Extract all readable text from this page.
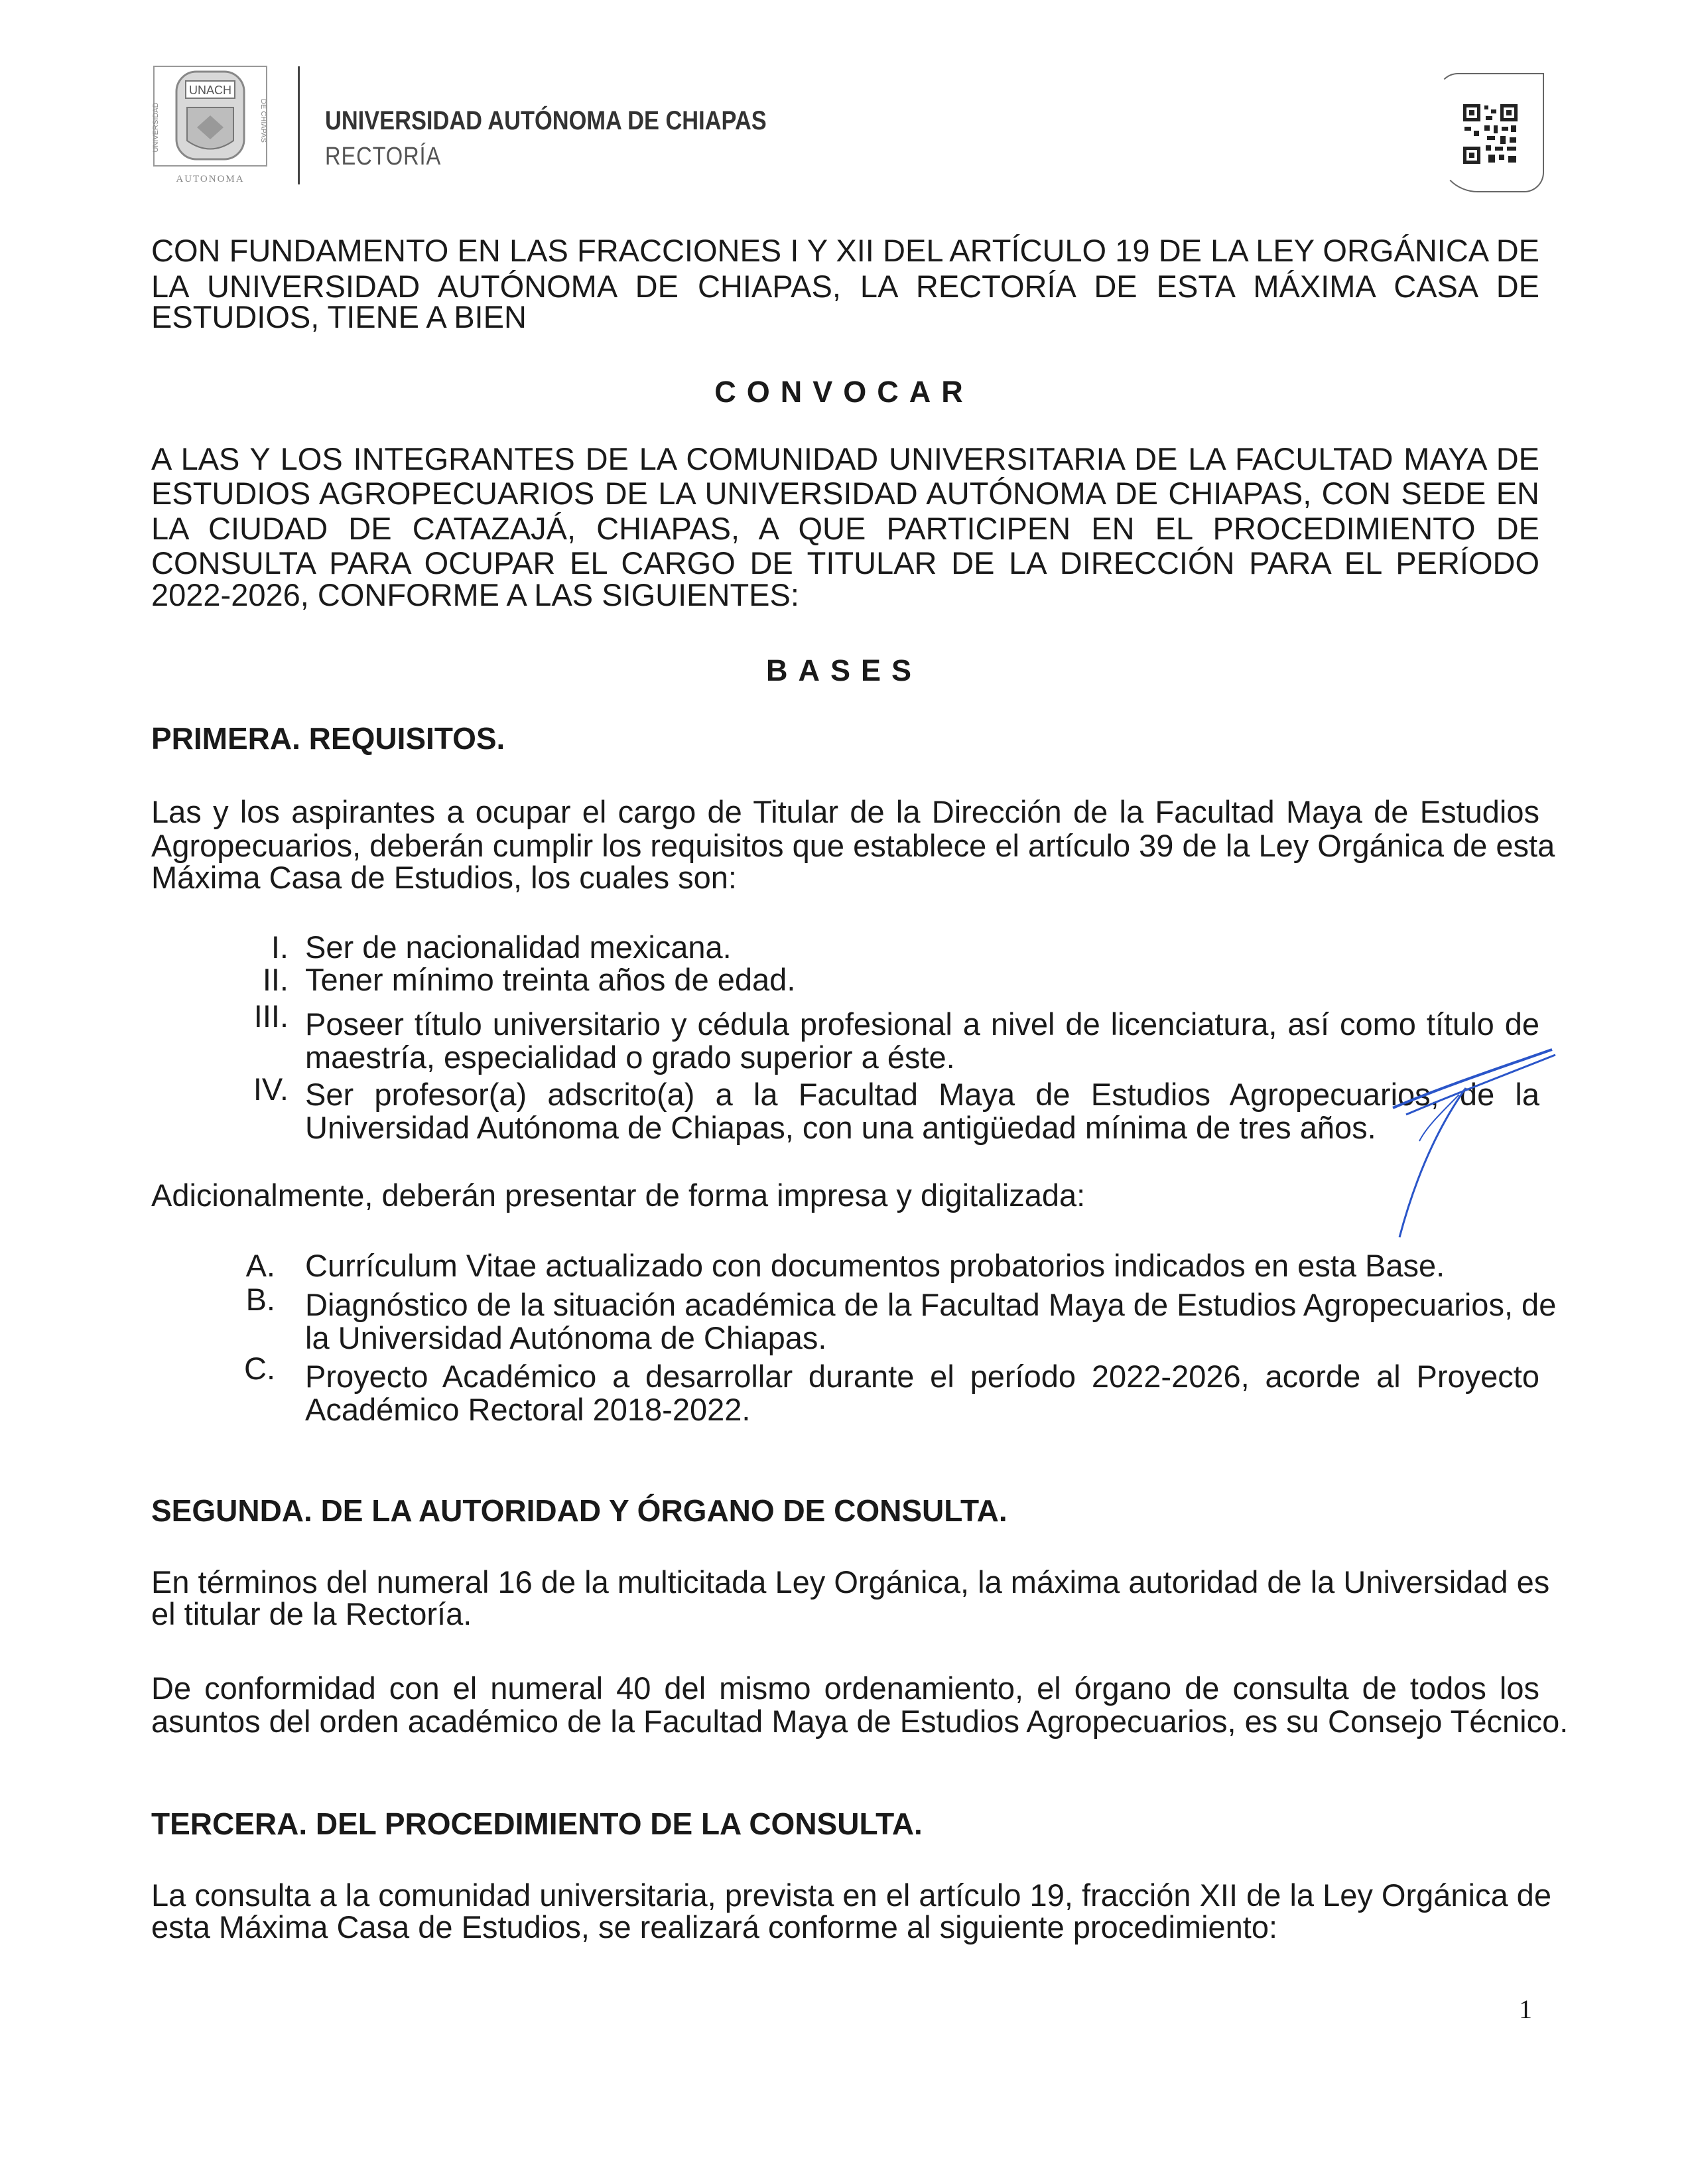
UNACH
UNIVERSIDAD	DE CHIAPAS
AUTONOMA
UNIVERSIDAD AUTÓNOMA DE CHIAPAS
RECTORÍA
CON FUNDAMENTO EN LAS FRACCIONES I Y XII DEL ARTÍCULO 19 DE LA LEY ORGÁNICA DE
LA UNIVERSIDAD AUTÓNOMA DE CHIAPAS, LA RECTORÍA DE ESTA MÁXIMA CASA DE
ESTUDIOS, TIENE A BIEN
CONVOCAR
A LAS Y LOS INTEGRANTES DE LA COMUNIDAD UNIVERSITARIA DE LA FACULTAD MAYA DE
ESTUDIOS AGROPECUARIOS DE LA UNIVERSIDAD AUTÓNOMA DE CHIAPAS, CON SEDE EN
LA CIUDAD DE CATAZAJÁ, CHIAPAS, A QUE PARTICIPEN EN EL PROCEDIMIENTO DE
CONSULTA PARA OCUPAR EL CARGO DE TITULAR DE LA DIRECCIÓN PARA EL PERÍODO
2022-2026, CONFORME A LAS SIGUIENTES:
BASES
PRIMERA. REQUISITOS.
Las y los aspirantes a ocupar el cargo de Titular de la Dirección de la Facultad Maya de Estudios
Agropecuarios, deberán cumplir los requisitos que establece el artículo 39 de la Ley Orgánica de esta
Máxima Casa de Estudios, los cuales son:
I. Ser de nacionalidad mexicana.
II. Tener mínimo treinta años de edad.
III. Poseer título universitario y cédula profesional a nivel de licenciatura, así como título de
maestría, especialidad o grado superior a éste.
IV. Ser profesor(a) adscrito(a) a la Facultad Maya de Estudios Agropecuarios, de la
Universidad Autónoma de Chiapas, con una antigüedad mínima de tres años.
Adicionalmente, deberán presentar de forma impresa y digitalizada:
A. Currículum Vitae actualizado con documentos probatorios indicados en esta Base.
B. Diagnóstico de la situación académica de la Facultad Maya de Estudios Agropecuarios, de
la Universidad Autónoma de Chiapas.
C. Proyecto Académico a desarrollar durante el período 2022-2026, acorde al Proyecto
Académico Rectoral 2018-2022.
SEGUNDA. DE LA AUTORIDAD Y ÓRGANO DE CONSULTA.
En términos del numeral 16 de la multicitada Ley Orgánica, la máxima autoridad de la Universidad es
el titular de la Rectoría.
De conformidad con el numeral 40 del mismo ordenamiento, el órgano de consulta de todos los
asuntos del orden académico de la Facultad Maya de Estudios Agropecuarios, es su Consejo Técnico.
TERCERA. DEL PROCEDIMIENTO DE LA CONSULTA.
La consulta a la comunidad universitaria, prevista en el artículo 19, fracción XII de la Ley Orgánica de
esta Máxima Casa de Estudios, se realizará conforme al siguiente procedimiento:
1
